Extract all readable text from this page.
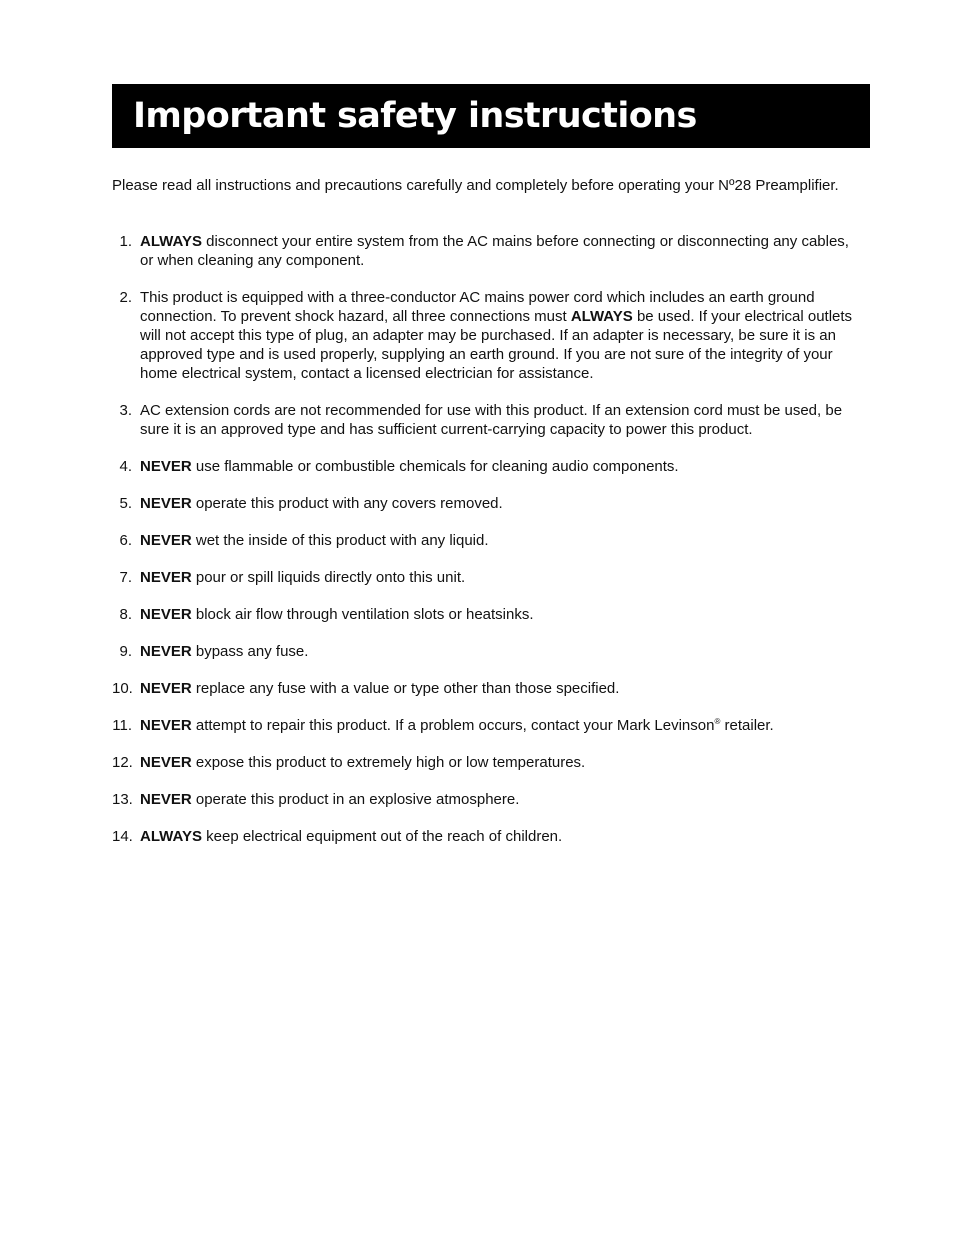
Important safety instructions

Please read all instructions and precautions carefully and completely before operating your Nº28 Preamplifier.

1. ALWAYS disconnect your entire system from the AC mains before connecting or disconnecting any cables, or when cleaning any component.
2. This product is equipped with a three-conductor AC mains power cord which includes an earth ground connection. To prevent shock hazard, all three connections must ALWAYS be used. If your electrical outlets will not accept this type of plug, an adapter may be purchased. If an adapter is necessary, be sure it is an approved type and is used properly, supplying an earth ground. If you are not sure of the integrity of your home electrical system, contact a licensed electrician for assistance.
3. AC extension cords are not recommended for use with this product. If an extension cord must be used, be sure it is an approved type and has sufficient current-carrying capacity to power this product.
4. NEVER use flammable or combustible chemicals for cleaning audio components.
5. NEVER operate this product with any covers removed.
6. NEVER wet the inside of this product with any liquid.
7. NEVER pour or spill liquids directly onto this unit.
8. NEVER block air flow through ventilation slots or heatsinks.
9. NEVER bypass any fuse.
10. NEVER replace any fuse with a value or type other than those specified.
11. NEVER attempt to repair this product. If a problem occurs, contact your Mark Levinson® retailer.
12. NEVER expose this product to extremely high or low temperatures.
13. NEVER operate this product in an explosive atmosphere.
14. ALWAYS keep electrical equipment out of the reach of children.
